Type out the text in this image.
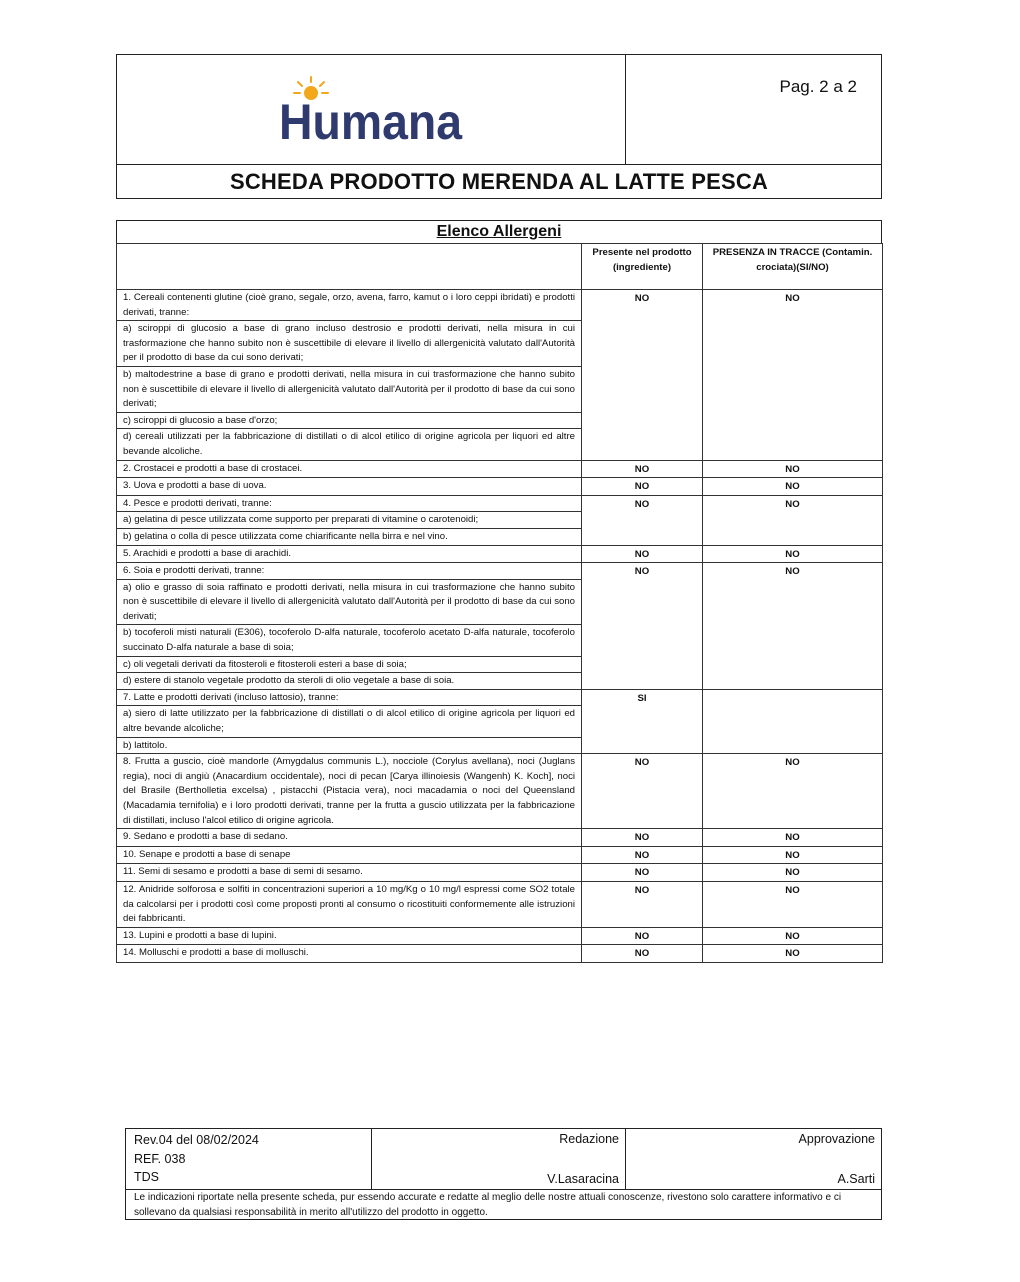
Humana
Pag. 2 a 2
SCHEDA PRODOTTO MERENDA AL LATTE PESCA
Elenco Allergeni
	Presente nel prodotto (ingrediente)	PRESENZA IN TRACCE (Contamin. crociata)(SI/NO)
1. Cereali contenenti glutine (cioè grano, segale, orzo, avena, farro, kamut o i loro ceppi ibridati) e prodotti derivati, tranne:	NO	NO
a) sciroppi di glucosio a base di grano incluso destrosio e prodotti derivati, nella misura in cui trasformazione che hanno subito non è suscettibile di elevare il livello di allergenicità valutato dall'Autorità per il prodotto di base da cui sono derivati;		
b) maltodestrine a base di grano e prodotti derivati, nella misura in cui trasformazione che hanno subito non è suscettibile di elevare il livello di allergenicità valutato dall'Autorità per il prodotto di base da cui sono derivati;		
c) sciroppi di glucosio a base d'orzo;		
d) cereali utilizzati per la fabbricazione di distillati o di alcol etilico di origine agricola per liquori ed altre bevande alcoliche.		
2. Crostacei e prodotti a base di crostacei.	NO	NO
3. Uova e prodotti a base di uova.	NO	NO
4. Pesce e prodotti derivati, tranne:	NO	NO
a) gelatina di pesce utilizzata come supporto per preparati di vitamine o carotenoidi;		
b) gelatina o colla di pesce utilizzata come chiarificante nella birra e nel vino.		
5. Arachidi e prodotti a base di arachidi.	NO	NO
6. Soia e prodotti derivati, tranne:	NO	NO
a) olio e grasso di soia raffinato e prodotti derivati, nella misura in cui trasformazione che hanno subito non è suscettibile di elevare il livello di allergenicità valutato dall'Autorità per il prodotto di base da cui sono derivati;		
b) tocoferoli misti naturali (E306), tocoferolo D-alfa naturale, tocoferolo acetato D-alfa naturale, tocoferolo succinato D-alfa naturale a base di soia;		
c) oli vegetali derivati da fitosteroli e fitosteroli esteri a base di soia;		
d) estere di stanolo vegetale prodotto da steroli di olio vegetale a base di soia.		
7. Latte e prodotti derivati (incluso lattosio), tranne:	SI	
a) siero di latte utilizzato per la fabbricazione di distillati o di alcol etilico di origine agricola per liquori ed altre bevande alcoliche;		
b) lattitolo.		
8. Frutta a guscio, cioè mandorle (Amygdalus communis L.), nocciole (Corylus avellana), noci (Juglans regia), noci di angiù (Anacardium occidentale), noci di pecan [Carya illinoiesis (Wangenh) K. Koch], noci del Brasile (Bertholletia excelsa) , pistacchi (Pistacia vera), noci macadamia o noci del Queensland (Macadamia ternifolia) e i loro prodotti derivati, tranne per la frutta a guscio utilizzata per la fabbricazione di distillati, incluso l'alcol etilico di origine agricola.	NO	NO
9. Sedano e prodotti a base di sedano.	NO	NO
10. Senape e prodotti a base di senape	NO	NO
11. Semi di sesamo e prodotti a base di semi di sesamo.	NO	NO
12. Anidride solforosa e solfiti in concentrazioni superiori a 10 mg/Kg o 10 mg/l espressi come SO2 totale da calcolarsi per i prodotti così come proposti pronti al consumo o ricostituiti conformemente alle istruzioni dei fabbricanti.	NO	NO
13. Lupini e prodotti a base di lupini.	NO	NO
14. Molluschi e prodotti a base di molluschi.	NO	NO
Rev.04 del 08/02/2024
REF. 038
TDS
Redazione
V.Lasaracina
Approvazione
A.Sarti
Le indicazioni riportate nella presente scheda, pur essendo accurate e redatte al meglio delle nostre attuali conoscenze, rivestono solo carattere informativo e ci sollevano da qualsiasi responsabilità in merito all'utilizzo del prodotto in oggetto.
